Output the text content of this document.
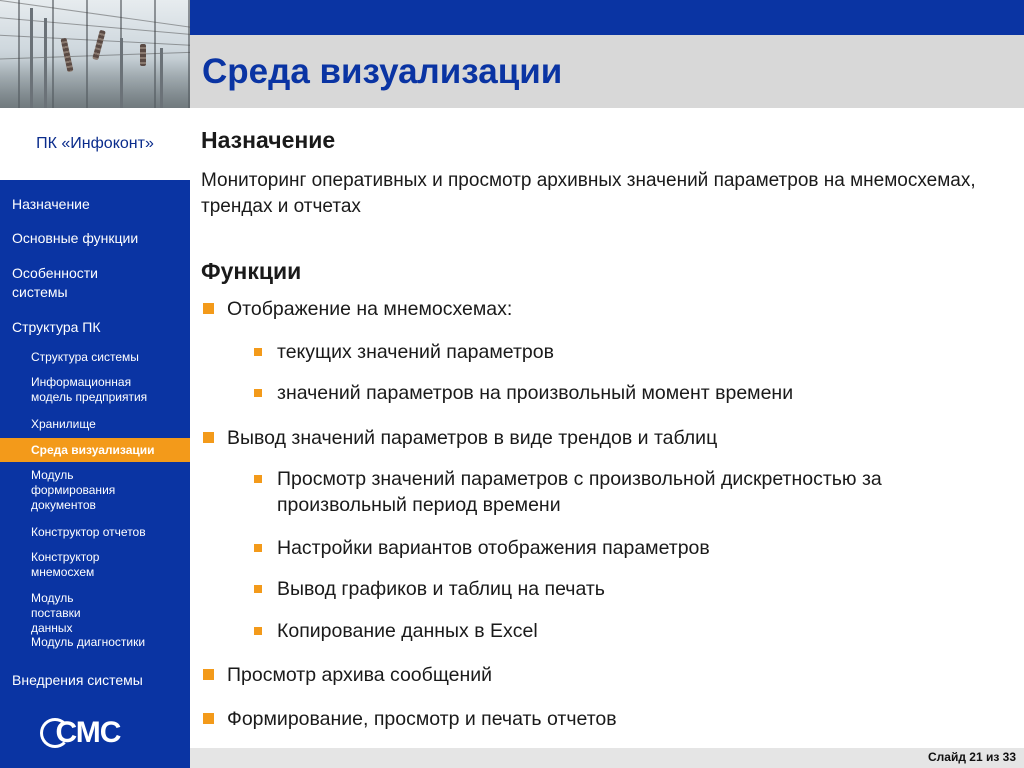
ПК «Инфоконт»
Назначение
Основные функции
Особенности системы
Структура ПК
Структура системы
Информационная модель предприятия
Хранилище
Среда визуализации
Модуль формирования документов
Конструктор отчетов
Конструктор мнемосхем
Модуль поставки данных
Модуль диагностики
Внедрения системы
СМС
Среда визуализации
Назначение
Мониторинг оперативных и просмотр архивных значений параметров на мнемосхемах, трендах и отчетах
Функции
Отображение на мнемосхемах:
текущих значений параметров
значений параметров на произвольный момент времени
Вывод значений параметров в виде трендов и таблиц
Просмотр значений параметров с произвольной дискретностью за произвольный период времени
Настройки вариантов отображения параметров
Вывод графиков и таблиц на печать
Копирование данных в Excel
Просмотр архива сообщений
Формирование, просмотр и печать отчетов
Слайд 21 из 33
